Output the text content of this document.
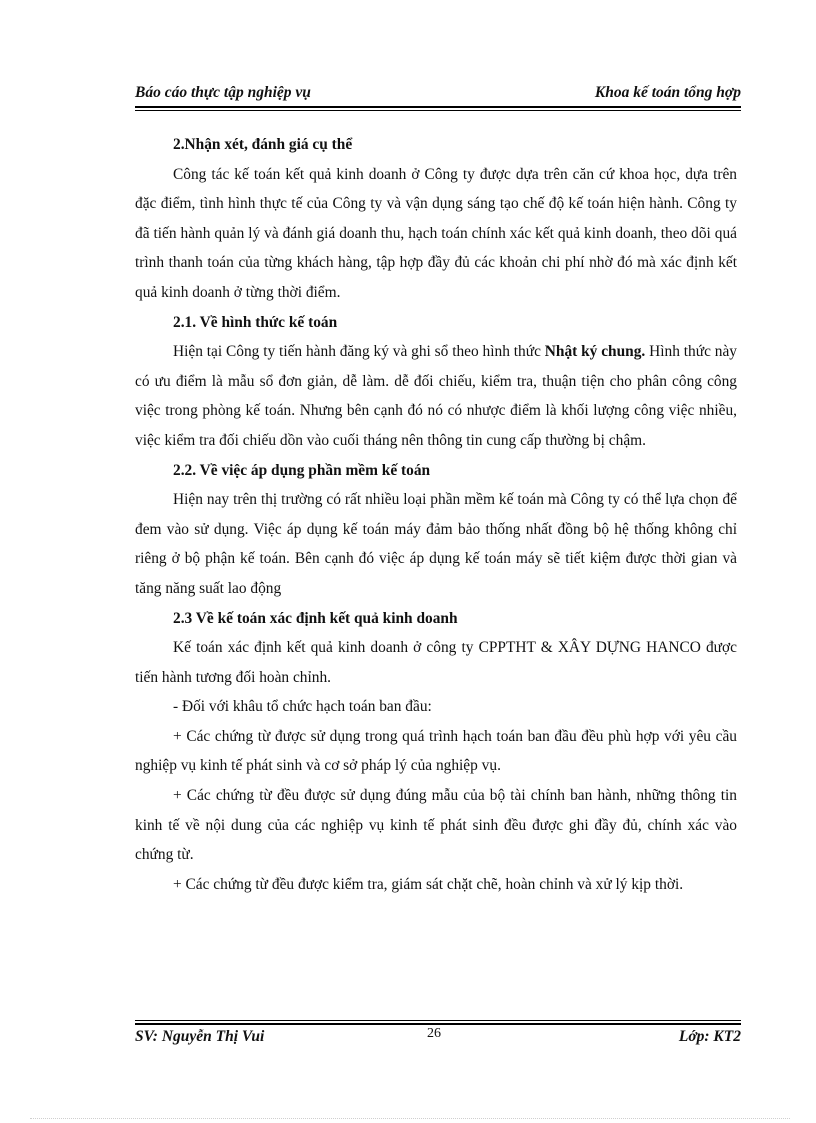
Báo cáo thực tập nghiệp vụ	Khoa kế toán tổng hợp

2.Nhận xét, đánh giá cụ thể

Công tác kế toán kết quả kinh doanh ở Công ty được dựa trên căn cứ khoa học, dựa trên đặc điểm, tình hình thực tế của Công ty và vận dụng sáng tạo chế độ kế toán hiện hành. Công ty đã tiến hành quản lý và đánh giá doanh thu, hạch toán chính xác kết quả kinh doanh, theo dõi quá trình thanh toán của từng khách hàng, tập hợp đầy đủ các khoản chi phí nhờ đó mà xác định kết quả kinh doanh ở từng thời điểm.

2.1. Về hình thức kế toán

Hiện tại Công ty tiến hành đăng ký và ghi sổ theo hình thức Nhật ký chung. Hình thức này có ưu điểm là mẫu sổ đơn giản, dễ làm. dễ đối chiếu, kiểm tra, thuận tiện cho phân công công việc trong phòng kế toán. Nhưng bên cạnh đó nó có nhược điểm là khối lượng công việc nhiều, việc kiểm tra đối chiếu dồn vào cuối tháng nên thông tin cung cấp thường bị chậm.

2.2. Về việc áp dụng phần mềm kế toán

Hiện nay trên thị trường có rất nhiều loại phần mềm kế toán mà Công ty có thể lựa chọn để đem vào sử dụng. Việc áp dụng kế toán máy đảm bảo thống nhất đồng bộ hệ thống không chỉ riêng ở bộ phận kế toán. Bên cạnh đó việc áp dụng kế toán máy sẽ tiết kiệm được thời gian và tăng năng suất lao động

2.3 Về kế toán xác định kết quả kinh doanh

Kế toán xác định kết quả kinh doanh ở công ty CPPTHT & XÂY DỰNG HANCO được tiến hành tương đối hoàn chỉnh.

- Đối với khâu tổ chức hạch toán ban đầu:

+ Các chứng từ được sử dụng trong quá trình hạch toán ban đầu đều phù hợp với yêu cầu nghiệp vụ kinh tế phát sinh và cơ sở pháp lý của nghiệp vụ.

+ Các chứng từ đều được sử dụng đúng mẫu của bộ tài chính ban hành, những thông tin kinh tế về nội dung của các nghiệp vụ kinh tế phát sinh đều được ghi đầy đủ, chính xác vào chứng từ.

+ Các chứng từ đều được kiểm tra, giám sát chặt chẽ, hoàn chỉnh và xử lý kịp thời.

SV: Nguyễn Thị Vui	26	Lớp: KT2
